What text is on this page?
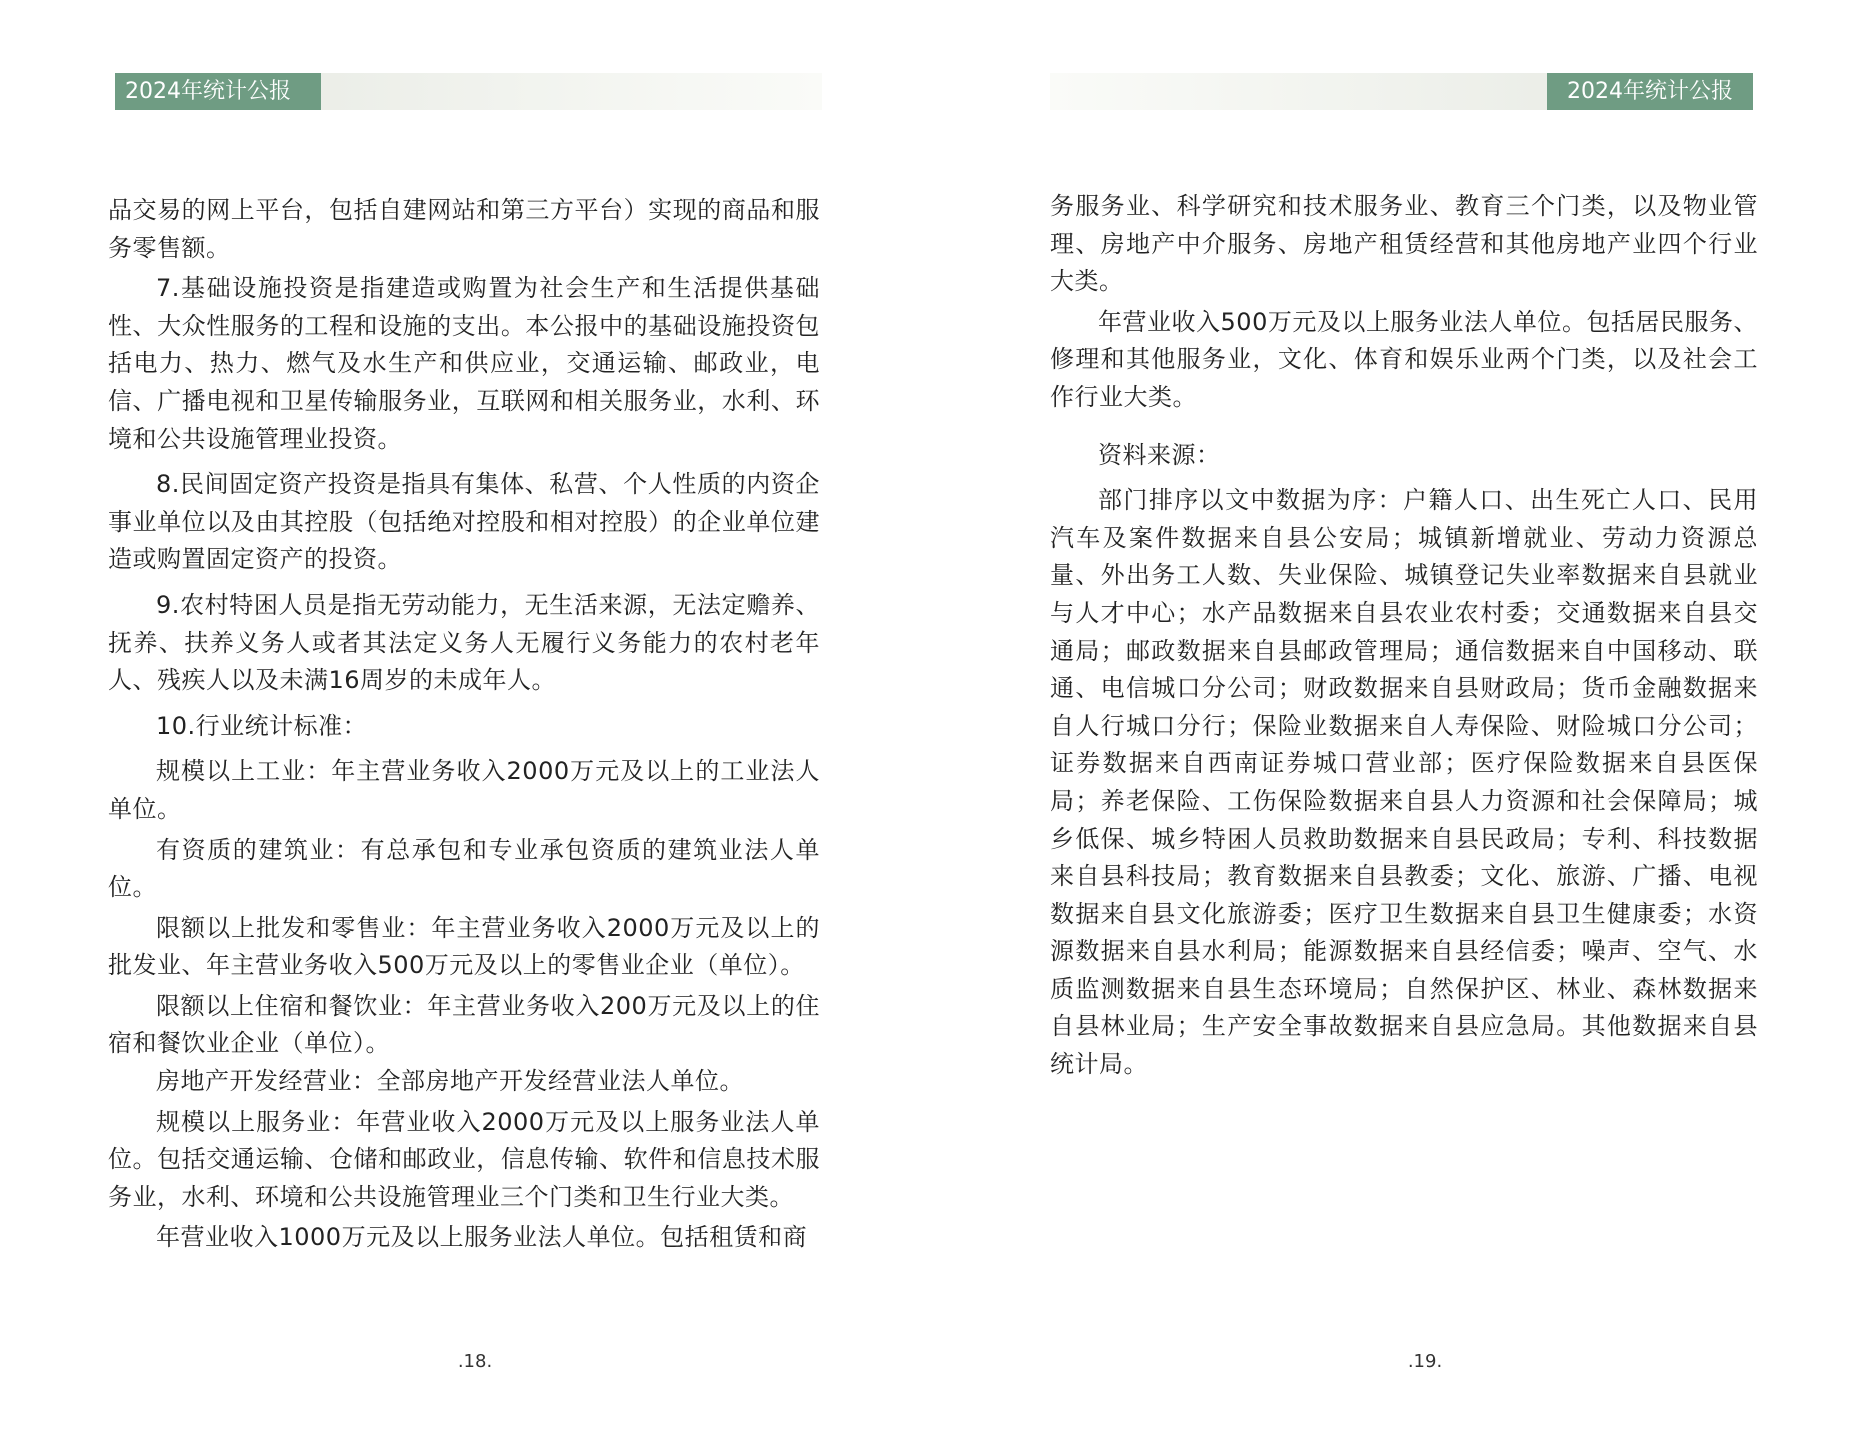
2024年统计公报

品交易的网上平台，包括自建网站和第三方平台）实现的商品和服务零售额。

7.基础设施投资是指建造或购置为社会生产和生活提供基础性、大众性服务的工程和设施的支出。本公报中的基础设施投资包括电力、热力、燃气及水生产和供应业，交通运输、邮政业，电信、广播电视和卫星传输服务业，互联网和相关服务业，水利、环境和公共设施管理业投资。

8.民间固定资产投资是指具有集体、私营、个人性质的内资企事业单位以及由其控股（包括绝对控股和相对控股）的企业单位建造或购置固定资产的投资。

9.农村特困人员是指无劳动能力，无生活来源，无法定赡养、抚养、扶养义务人或者其法定义务人无履行义务能力的农村老年人、残疾人以及未满16周岁的未成年人。

10.行业统计标准：

规模以上工业：年主营业务收入2000万元及以上的工业法人单位。

有资质的建筑业：有总承包和专业承包资质的建筑业法人单位。

限额以上批发和零售业：年主营业务收入2000万元及以上的批发业、年主营业务收入500万元及以上的零售业企业（单位）。

限额以上住宿和餐饮业：年主营业务收入200万元及以上的住宿和餐饮业企业（单位）。

房地产开发经营业：全部房地产开发经营业法人单位。

规模以上服务业：年营业收入2000万元及以上服务业法人单位。包括交通运输、仓储和邮政业，信息传输、软件和信息技术服务业，水利、环境和公共设施管理业三个门类和卫生行业大类。

年营业收入1000万元及以上服务业法人单位。包括租赁和商

.18.
2024年统计公报

务服务业、科学研究和技术服务业、教育三个门类，以及物业管理、房地产中介服务、房地产租赁经营和其他房地产业四个行业大类。

年营业收入500万元及以上服务业法人单位。包括居民服务、修理和其他服务业，文化、体育和娱乐业两个门类，以及社会工作行业大类。

资料来源：

部门排序以文中数据为序：户籍人口、出生死亡人口、民用汽车及案件数据来自县公安局；城镇新增就业、劳动力资源总量、外出务工人数、失业保险、城镇登记失业率数据来自县就业与人才中心；水产品数据来自县农业农村委；交通数据来自县交通局；邮政数据来自县邮政管理局；通信数据来自中国移动、联通、电信城口分公司；财政数据来自县财政局；货币金融数据来自人行城口分行；保险业数据来自人寿保险、财险城口分公司；证券数据来自西南证券城口营业部；医疗保险数据来自县医保局；养老保险、工伤保险数据来自县人力资源和社会保障局；城乡低保、城乡特困人员救助数据来自县民政局；专利、科技数据来自县科技局；教育数据来自县教委；文化、旅游、广播、电视数据来自县文化旅游委；医疗卫生数据来自县卫生健康委；水资源数据来自县水利局；能源数据来自县经信委；噪声、空气、水质监测数据来自县生态环境局；自然保护区、林业、森林数据来自县林业局；生产安全事故数据来自县应急局。其他数据来自县统计局。

.19.
